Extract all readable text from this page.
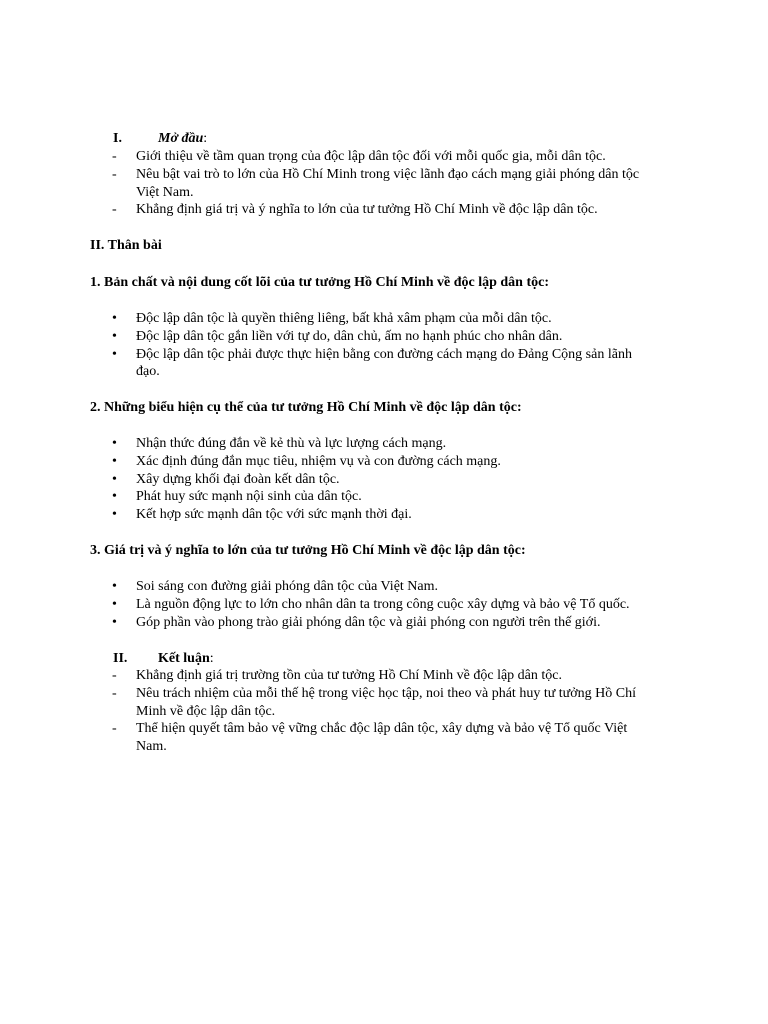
I.	Mở đầu:
- Giới thiệu về tầm quan trọng của độc lập dân tộc đối với mỗi quốc gia, mỗi dân tộc.
- Nêu bật vai trò to lớn của Hồ Chí Minh trong việc lãnh đạo cách mạng giải phóng dân tộc
Việt Nam.
- Khẳng định giá trị và ý nghĩa to lớn của tư tưởng Hồ Chí Minh về độc lập dân tộc.
II. Thân bài
1. Bản chất và nội dung cốt lõi của tư tưởng Hồ Chí Minh về độc lập dân tộc:
• Độc lập dân tộc là quyền thiêng liêng, bất khả xâm phạm của mỗi dân tộc.
• Độc lập dân tộc gắn liền với tự do, dân chủ, ấm no hạnh phúc cho nhân dân.
• Độc lập dân tộc phải được thực hiện bằng con đường cách mạng do Đảng Cộng sản lãnh
đạo.
2. Những biểu hiện cụ thể của tư tưởng Hồ Chí Minh về độc lập dân tộc:
• Nhận thức đúng đắn về kẻ thù và lực lượng cách mạng.
• Xác định đúng đắn mục tiêu, nhiệm vụ và con đường cách mạng.
• Xây dựng khối đại đoàn kết dân tộc.
• Phát huy sức mạnh nội sinh của dân tộc.
• Kết hợp sức mạnh dân tộc với sức mạnh thời đại.
3. Giá trị và ý nghĩa to lớn của tư tưởng Hồ Chí Minh về độc lập dân tộc:
• Soi sáng con đường giải phóng dân tộc của Việt Nam.
• Là nguồn động lực to lớn cho nhân dân ta trong công cuộc xây dựng và bảo vệ Tổ quốc.
• Góp phần vào phong trào giải phóng dân tộc và giải phóng con người trên thế giới.
II. Kết luận:
- Khẳng định giá trị trường tồn của tư tưởng Hồ Chí Minh về độc lập dân tộc.
- Nêu trách nhiệm của mỗi thế hệ trong việc học tập, noi theo và phát huy tư tưởng Hồ Chí
Minh về độc lập dân tộc.
- Thể hiện quyết tâm bảo vệ vững chắc độc lập dân tộc, xây dựng và bảo vệ Tổ quốc Việt
Nam.
